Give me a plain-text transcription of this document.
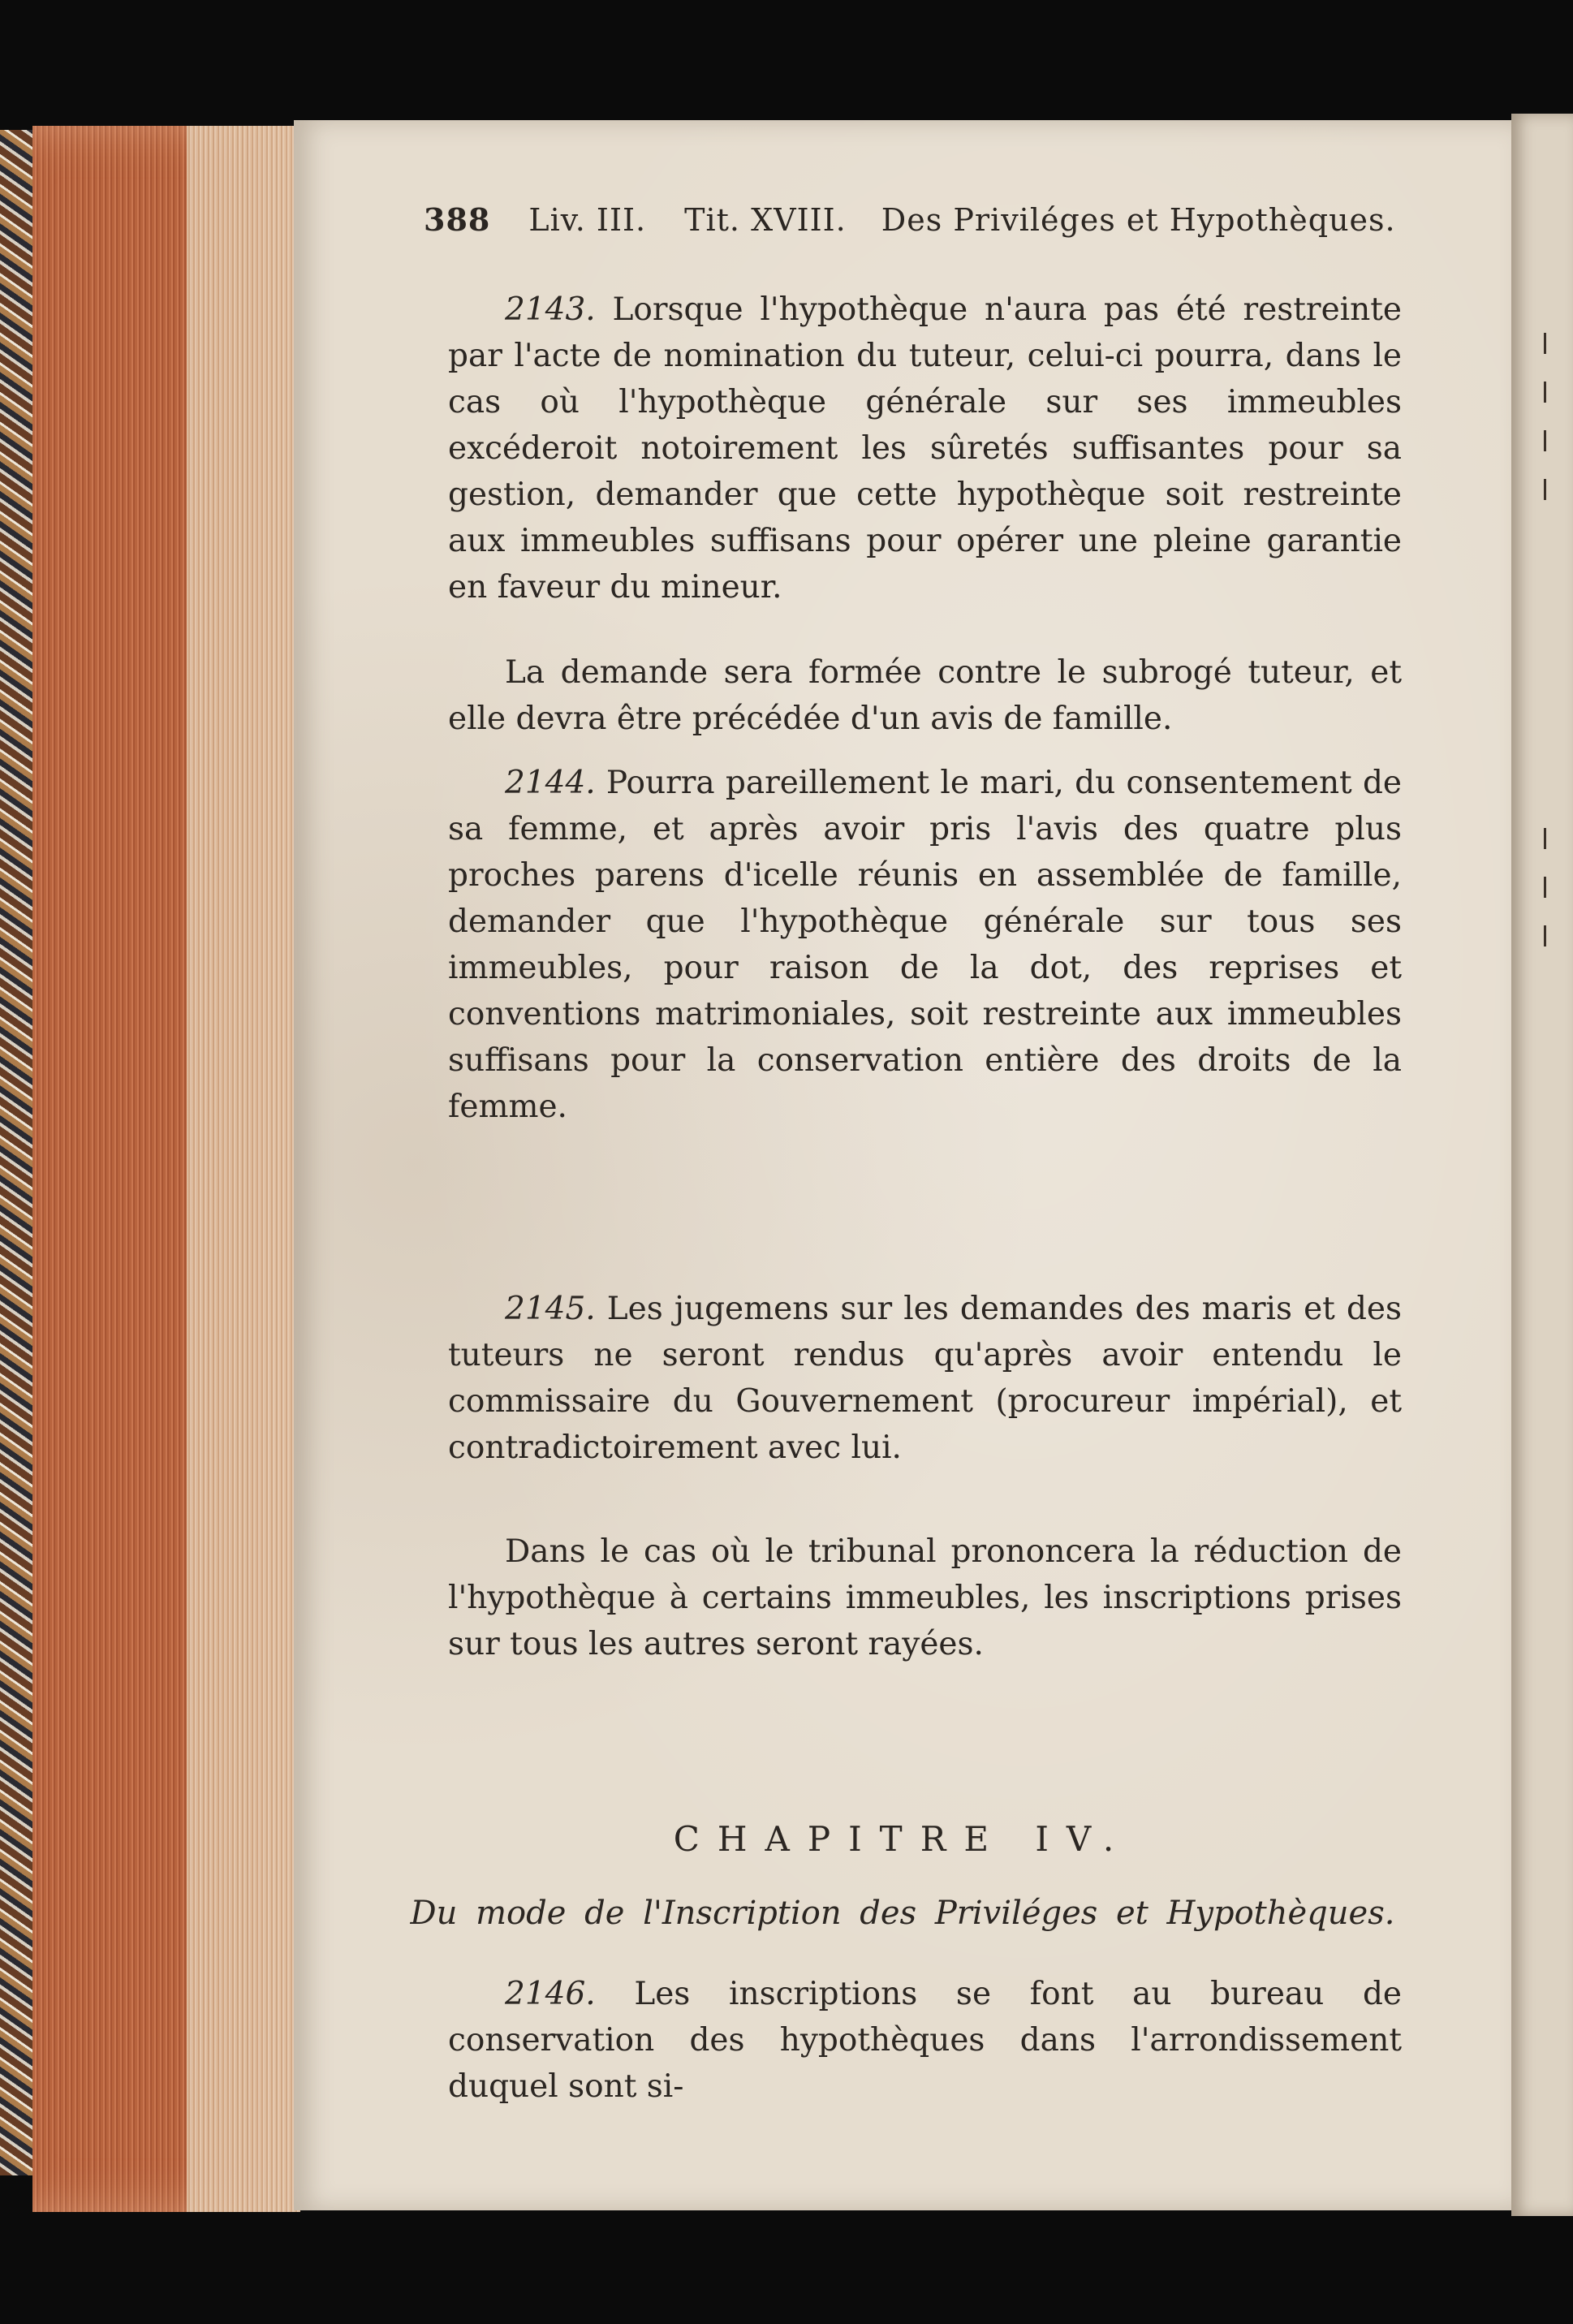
388 Liv. III. Tit. XVIII. Des Priviléges et Hypothèques.

2143. Lorsque l'hypothèque n'aura pas été restreinte par l'acte de nomination du tuteur, celui-ci pourra, dans le cas où l'hypothèque générale sur ses immeubles excéderoit notoirement les sûretés suffisantes pour sa gestion, demander que cette hypothèque soit restreinte aux immeubles suffisans pour opérer une pleine garantie en faveur du mineur.

La demande sera formée contre le subrogé tuteur, et elle devra être précédée d'un avis de famille.

2144. Pourra pareillement le mari, du consentement de sa femme, et après avoir pris l'avis des quatre plus proches parens d'icelle réunis en assemblée de famille, demander que l'hypothèque générale sur tous ses immeubles, pour raison de la dot, des reprises et conventions matrimoniales, soit restreinte aux immeubles suffisans pour la conservation entière des droits de la femme.

2145. Les jugemens sur les demandes des maris et des tuteurs ne seront rendus qu'après avoir entendu le commissaire du Gouvernement (procureur impérial), et contradictoirement avec lui.

Dans le cas où le tribunal prononcera la réduction de l'hypothèque à certains immeubles, les inscriptions prises sur tous les autres seront rayées.

CHAPITRE IV.
Du mode de l'Inscription des Priviléges et Hypothèques.

2146. Les inscriptions se font au bureau de conservation des hypothèques dans l'arrondissement duquel sont si-
